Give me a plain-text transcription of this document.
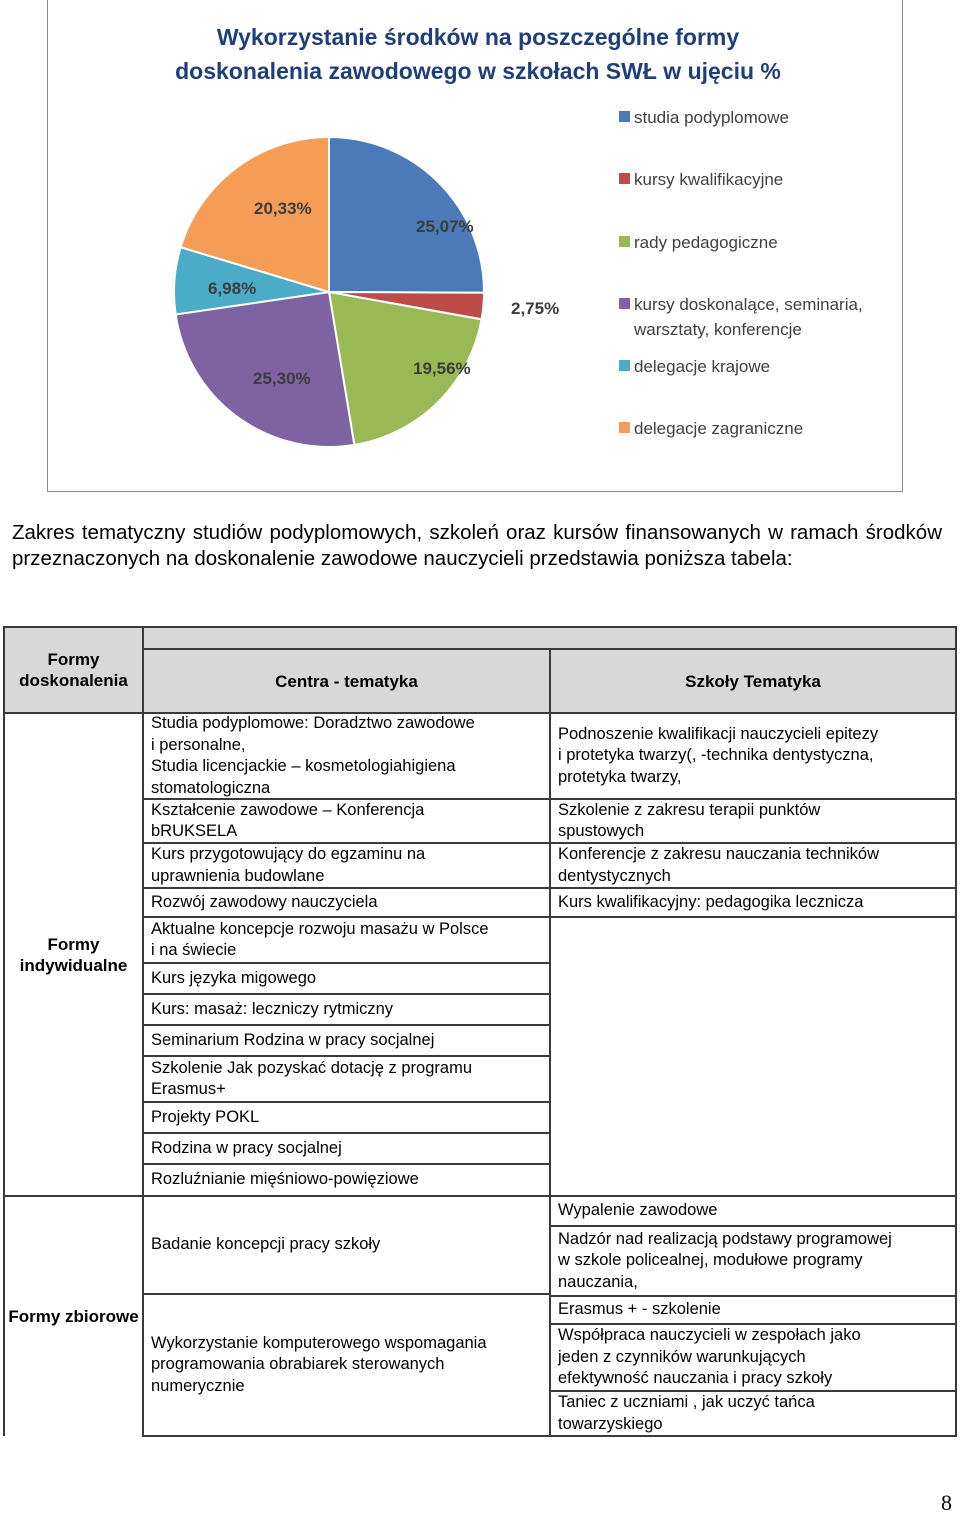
Wykorzystanie środków na poszczególne formy
doskonalenia zawodowego w szkołach SWŁ w ujęciu %
25,07%
2,75%
19,56%
25,30%
6,98%
20,33%
studia podyplomowe
kursy kwalifikacyjne
rady pedagogiczne
kursy doskonalące, seminaria,
warsztaty, konferencje
delegacje krajowe
delegacje zagraniczne
Zakres tematyczny studiów podyplomowych, szkoleń oraz kursów finansowanych w ramach środków przeznaczonych na doskonalenie zawodowe nauczycieli przedstawia poniższa tabela:
Formy doskonalenia	Centra - tematyka	Szkoły Tematyka
Formy indywidualne
Formy zbiorowe
Studia podyplomowe: Doradztwo zawodowe
i personalne,
Studia licencjackie – kosmetologiahigiena
stomatologiczna
Kształcenie zawodowe – Konferencja
bRUKSELA
Kurs przygotowujący do egzaminu na
uprawnienia budowlane
Rozwój zawodowy nauczyciela
Aktualne koncepcje rozwoju masażu w Polsce
i na świecie
Kurs języka migowego
Kurs: masaż: leczniczy rytmiczny
Seminarium Rodzina w pracy socjalnej
Szkolenie Jak pozyskać dotację z programu
Erasmus+
Projekty POKL
Rodzina w pracy socjalnej
Rozluźnianie mięśniowo-powięziowe
Podnoszenie kwalifikacji nauczycieli epitezy
i protetyka twarzy(, -technika dentystyczna,
protetyka twarzy,
Szkolenie z zakresu terapii punktów
spustowych
Konferencje z zakresu nauczania techników
dentystycznych
Kurs kwalifikacyjny: pedagogika lecznicza
Badanie koncepcji pracy szkoły
Wykorzystanie komputerowego wspomagania
programowania obrabiarek sterowanych
numerycznie
Wypalenie zawodowe
Nadzór nad realizacją podstawy programowej
w szkole policealnej, modułowe programy
nauczania,
Erasmus + - szkolenie
Współpraca nauczycieli w zespołach jako
jeden z czynników warunkujących
efektywność nauczania i pracy szkoły
Taniec z uczniami , jak uczyć tańca
towarzyskiego
8
